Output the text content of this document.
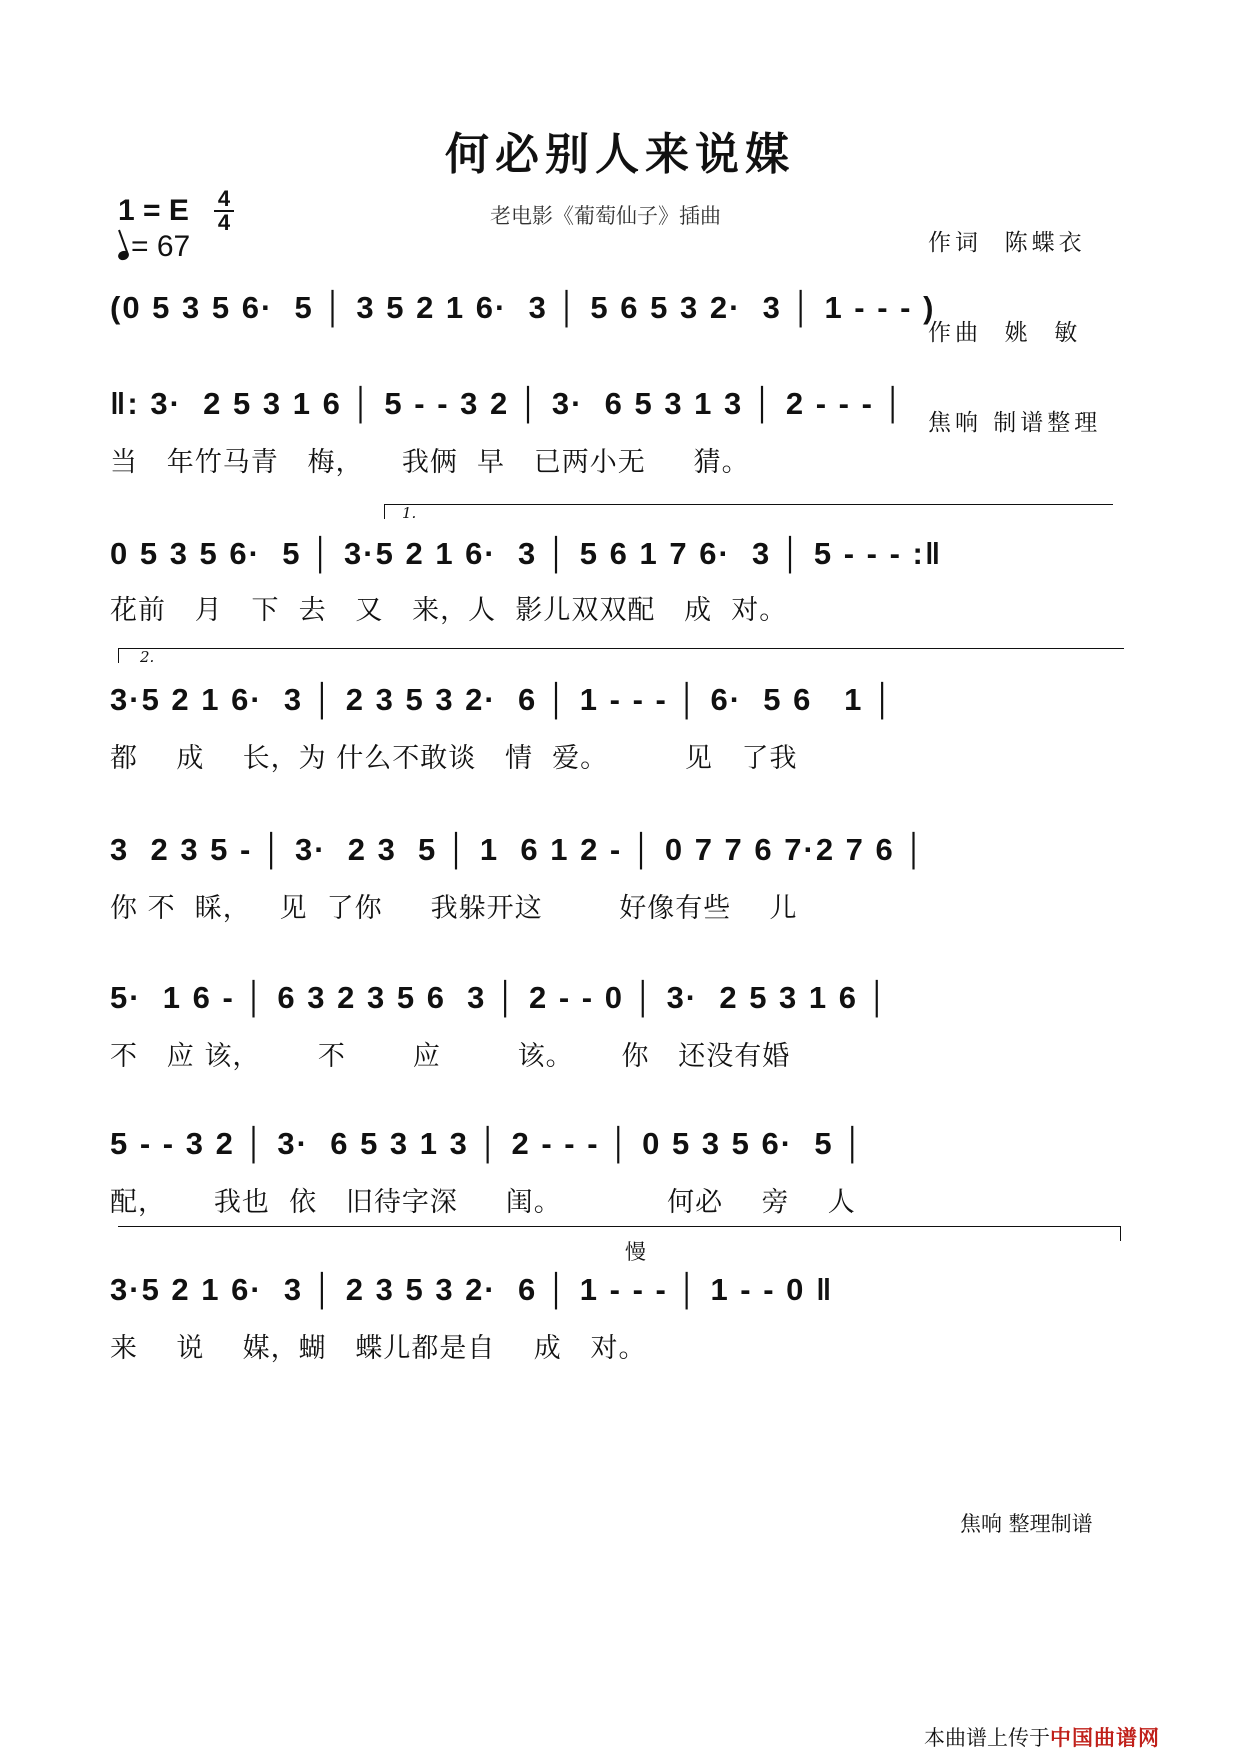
何必别人来说媒
老电影《葡萄仙子》插曲

作词  陈蝶衣

作曲  姚  敏

焦响 制谱整理

1 = E 4
4
= 67
(0 5 3 5 6·  5 │ 3 5 2 1 6·  3 │ 5 6 5 3 2·  3 │ 1 - - - )
‖: 3·  2 5 3 1 6 │ 5 - - 3 2 │ 3·  6 5 3 1 3 │ 2 - - - │
当   年竹马青   梅，    我俩  早   已两小无     猜。
1.
0 5 3 5 6·  5 │ 3·5 2 1 6·  3 │ 5 6 1 7 6·  3 │ 5 - - - :‖
花前   月   下  去   又   来，人  影儿双双配   成  对。
2.
3·5 2 1 6·  3 │ 2 3 5 3 2·  6 │ 1 - - - │ 6·  5 6   1 │
都    成    长，为 什么不敢谈   情  爱。        见   了我
3  2 3 5 - │ 3·  2 3  5 │ 1  6 1 2 - │ 0 7 7 6 7·2 7 6 │
你 不  睬，   见  了你     我躲开这        好像有些    儿
5·  1 6 - │ 6 3 2 3 5 6  3 │ 2 - - 0 │ 3·  2 5 3 1 6 │
不   应 该，      不       应        该。     你   还没有婚
5 - - 3 2 │ 3·  6 5 3 1 3 │ 2 - - - │ 0 5 3 5 6·  5 │
配，     我也  依   旧待字深     闺。           何必    旁    人
慢
3·5 2 1 6·  3 │ 2 3 5 3 2·  6 │ 1 - - - │ 1 - - 0 ‖
来    说    媒，蝴   蝶儿都是自    成   对。
焦响 整理制谱
本曲谱上传于 中国曲谱网
